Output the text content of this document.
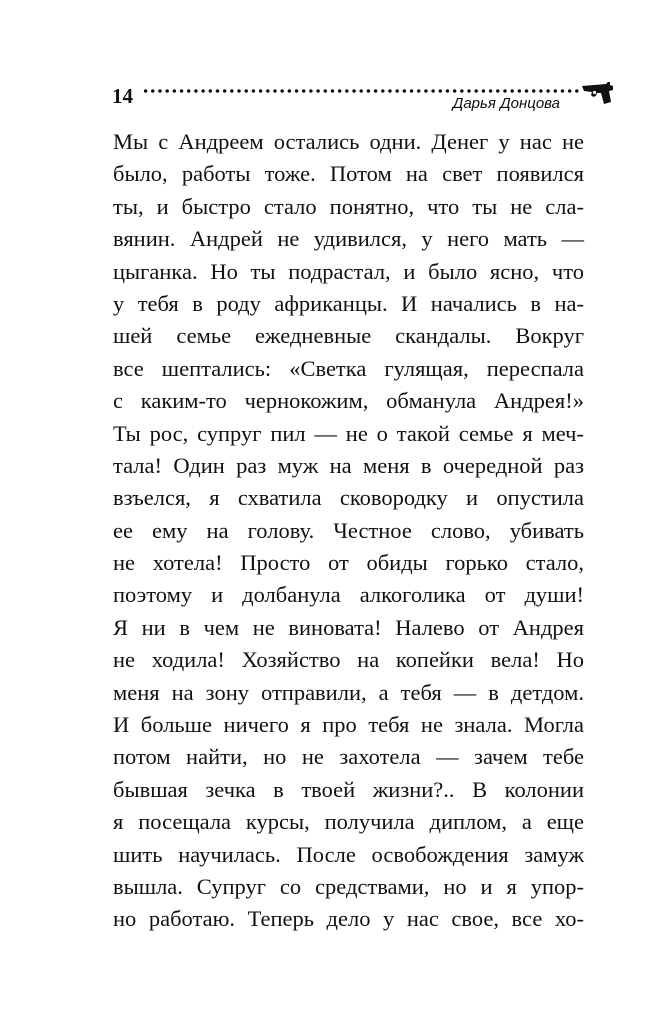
14	Дарья Донцова
Мы с Андреем остались одни. Денег у нас не
было, работы тоже. Потом на свет появился
ты, и быстро стало понятно, что ты не сла-
вянин. Андрей не удивился, у него мать —
цыганка. Но ты подрастал, и было ясно, что
у тебя в роду африканцы. И начались в на-
шей семье ежедневные скандалы. Вокруг
все шептались: «Светка гулящая, переспала
с каким-то чернокожим, обманула Андрея!»
Ты рос, супруг пил — не о такой семье я меч-
тала! Один раз муж на меня в очередной раз
взъелся, я схватила сковородку и опустила
ее ему на голову. Честное слово, убивать
не хотела! Просто от обиды горько стало,
поэтому и долбанула алкоголика от души!
Я ни в чем не виновата! Налево от Андрея
не ходила! Хозяйство на копейки вела! Но
меня на зону отправили, а тебя — в детдом.
И больше ничего я про тебя не знала. Могла
потом найти, но не захотела — зачем тебе
бывшая зечка в твоей жизни?.. В колонии
я посещала курсы, получила диплом, а еще
шить научилась. После освобождения замуж
вышла. Супруг со средствами, но и я упор-
но работаю. Теперь дело у нас свое, все хо-
